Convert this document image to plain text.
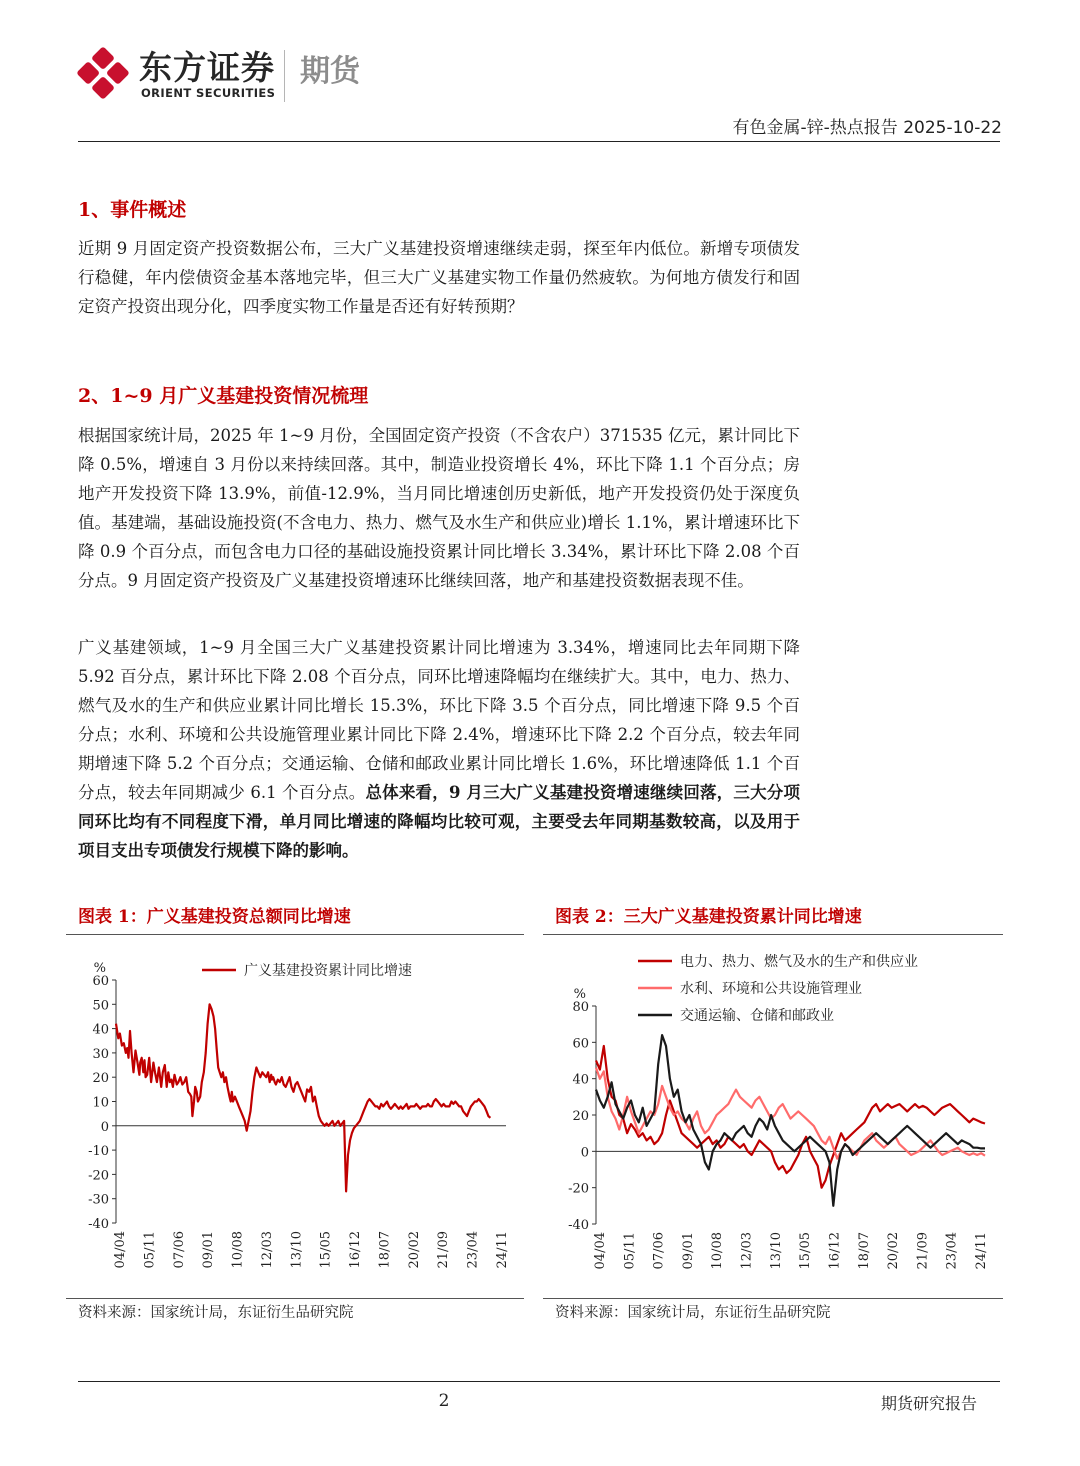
东方证券
ORIENT SECURITIES
期货
有色金属-锌-热点报告 2025-10-22
1、事件概述

近期 9 月固定资产投资数据公布，三大广义基建投资增速继续走弱，探至年内低位。新增专项债发行稳健，年内偿债资金基本落地完毕，但三大广义基建实物工作量仍然疲软。为何地方债发行和固定资产投资出现分化，四季度实物工作量是否还有好转预期？

2、1~9 月广义基建投资情况梳理

根据国家统计局，2025 年 1~9 月份，全国固定资产投资（不含农户）371535 亿元，累计同比下降 0.5%，增速自 3 月份以来持续回落。其中，制造业投资增长 4%，环比下降 1.1 个百分点；房地产开发投资下降 13.9%，前值-12.9%，当月同比增速创历史新低，地产开发投资仍处于深度负值。基建端，基础设施投资(不含电力、热力、燃气及水生产和供应业)增长 1.1%，累计增速环比下降 0.9 个百分点，而包含电力口径的基础设施投资累计同比增长 3.34%，累计环比下降 2.08 个百分点。9 月固定资产投资及广义基建投资增速环比继续回落，地产和基建投资数据表现不佳。

广义基建领域，1~9 月全国三大广义基建投资累计同比增速为 3.34%，增速同比去年同期下降 5.92 百分点，累计环比下降 2.08 个百分点，同环比增速降幅均在继续扩大。其中，电力、热力、燃气及水的生产和供应业累计同比增长 15.3%，环比下降 3.5 个百分点，同比增速下降 9.5 个百分点；水利、环境和公共设施管理业累计同比下降 2.4%，增速环比下降 2.2 个百分点，较去年同期增速下降 5.2 个百分点；交通运输、仓储和邮政业累计同比增长 1.6%，环比增速降低 1.1 个百分点，较去年同期减少 6.1 个百分点。总体来看，9 月三大广义基建投资增速继续回落，三大分项同环比均有不同程度下滑，单月同比增速的降幅均比较可观，主要受去年同期基数较高，以及用于项目支出专项债发行规模下降的影响。

图表 1：广义基建投资总额同比增速
%
60
50
40
30
20
10
0
-10
-20
-30
-40
04/04 05/11 07/06 09/01 10/08 12/03 13/10 15/05 16/12 18/07 20/02 21/09 23/04 24/11
广义基建投资累计同比增速
资料来源：国家统计局，东证衍生品研究院
图表 2：三大广义基建投资累计同比增速
%
80
60
40
20
0
-20
-40
04/04 05/11 07/06 09/01 10/08 12/03 13/10 15/05 16/12 18/07 20/02 21/09 23/04 24/11
电力、热力、燃气及水的生产和供应业
水利、环境和公共设施管理业
交通运输、仓储和邮政业
资料来源：国家统计局，东证衍生品研究院
2	期货研究报告
